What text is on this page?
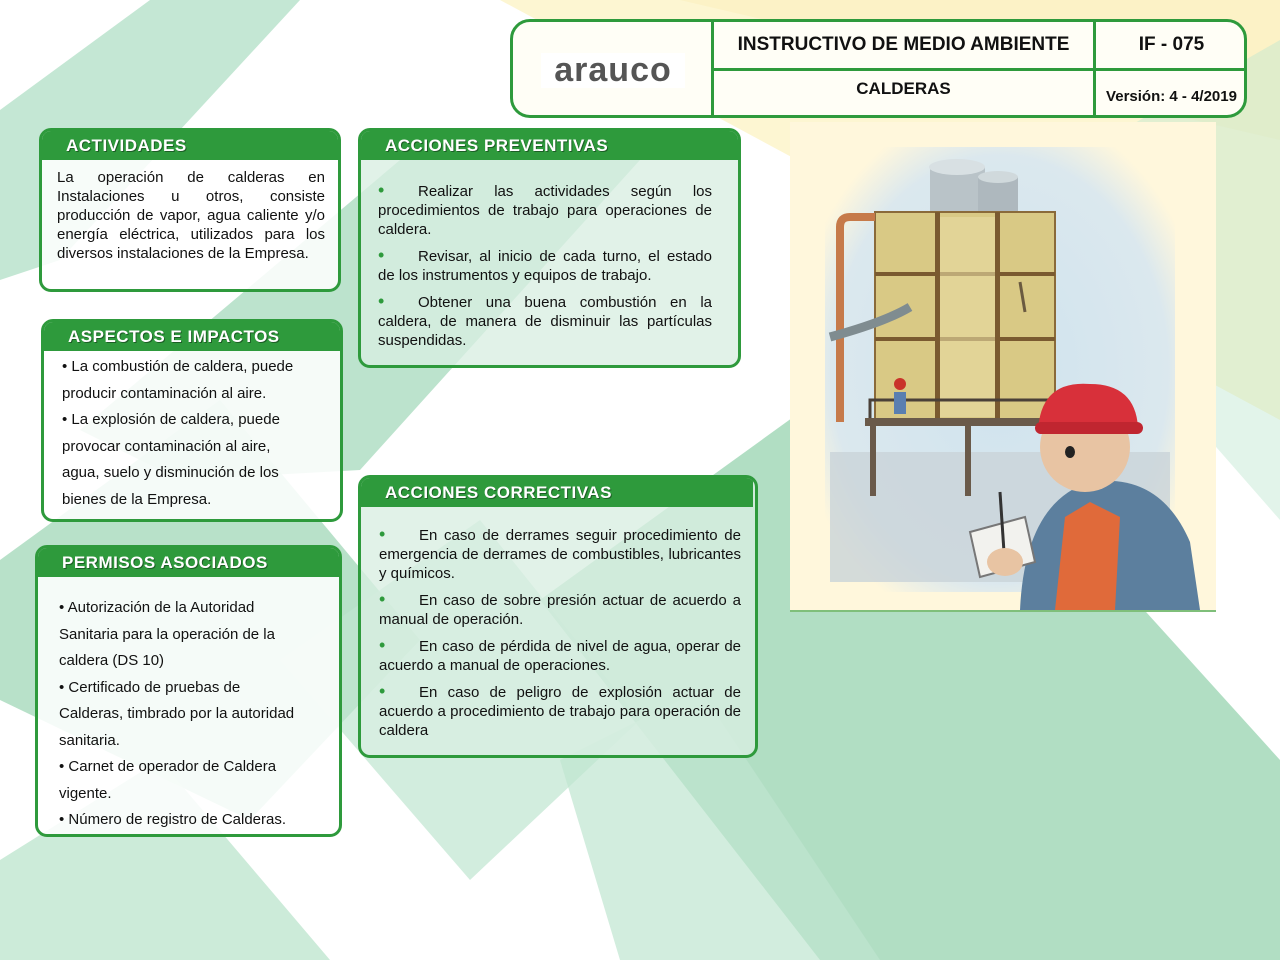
arauco
INSTRUCTIVO DE MEDIO AMBIENTE	IF - 075
CALDERAS	Versión: 4 - 4/2019
ACTIVIDADES
La operación de calderas en Instalaciones u otros, consiste producción de vapor, agua caliente y/o energía eléctrica, utilizados para los diversos instalaciones de la Empresa.
ASPECTOS E IMPACTOS
• La combustión de caldera, puede
producir contaminación al aire.
• La explosión de caldera, puede
provocar contaminación al aire,
agua, suelo y disminución de los
bienes de la Empresa.
PERMISOS ASOCIADOS
• Autorización de la Autoridad
Sanitaria para la operación de la
caldera (DS 10)
• Certificado de pruebas de
Calderas, timbrado por la autoridad
sanitaria.
• Carnet de operador de Caldera
vigente.
• Número de registro de Calderas.
ACCIONES PREVENTIVAS
• Realizar las actividades según los procedimientos de trabajo para operaciones de caldera.
• Revisar, al inicio de cada turno, el estado de los instrumentos y equipos de trabajo.
• Obtener una buena combustión en la caldera, de manera de disminuir las partículas suspendidas.
ACCIONES CORRECTIVAS
• En caso de derrames seguir procedimiento de emergencia de derrames de combustibles, lubricantes y químicos.
• En caso de sobre presión actuar de acuerdo a manual de operación.
• En caso de pérdida de nivel de agua, operar de acuerdo a manual de operaciones.
• En caso de peligro de explosión actuar de acuerdo a procedimiento de trabajo para operación de caldera
